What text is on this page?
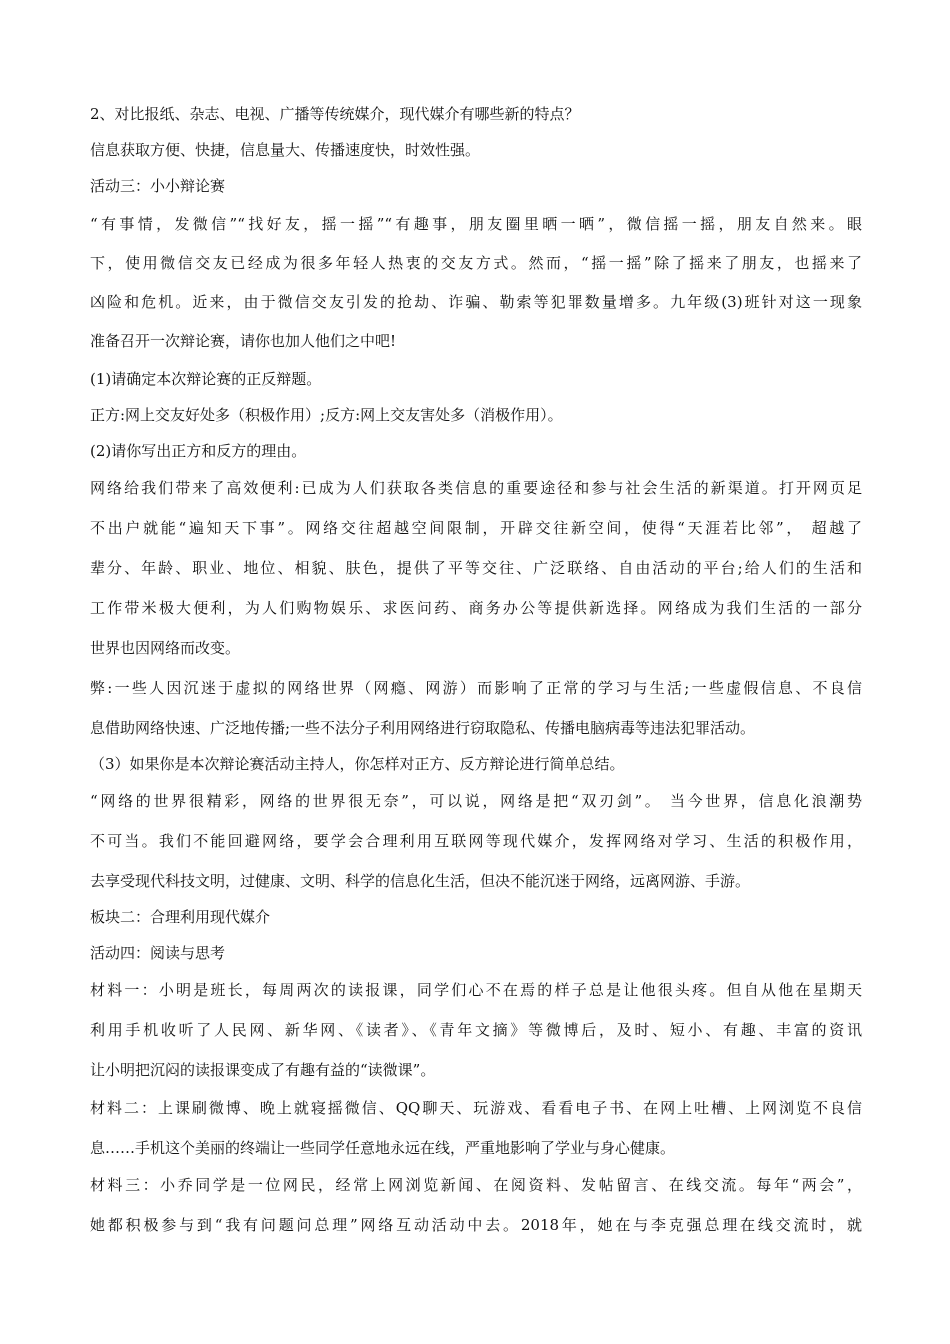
2、对比报纸、杂志、电视、广播等传统媒介，现代媒介有哪些新的特点？
信息获取方便、快捷，信息量大、传播速度快，时效性强。
活动三：小小辩论赛
“有事情，发微信”“找好友，摇一摇”“有趣事，朋友圈里晒一晒”，微信摇一摇，朋友自然来。眼
下，使用微信交友已经成为很多年轻人热衷的交友方式。然而，“摇一摇”除了摇来了朋友，也摇来了
凶险和危机。近来，由于微信交友引发的抢劫、诈骗、勒索等犯罪数量增多。九年级(3)班针对这一现象
准备召开一次辩论赛，请你也加人他们之中吧!
(1)请确定本次辩论赛的正反辩题。
正方:网上交友好处多（积极作用）;反方:网上交友害处多（消极作用）。
(2)请你写出正方和反方的理由。
网络给我们带来了高效便利:已成为人们获取各类信息的重要途径和参与社会生活的新渠道。打开网页足
不出户就能“遍知天下事”。网络交往超越空间限制，开辟交往新空间，使得“天涯若比邻”， 超越了
辈分、年龄、职业、地位、相貌、肤色，提供了平等交往、广泛联络、自由活动的平台;给人们的生活和
工作带米极大便利，为人们购物娱乐、求医问药、商务办公等提供新选择。网络成为我们生活的一部分
世界也因网络而改变。
弊:一些人因沉迷于虚拟的网络世界（网瘾、网游）而影响了正常的学习与生活;一些虚假信息、不良信
息借助网络快速、广泛地传播;一些不法分子利用网络进行窃取隐私、传播电脑病毒等违法犯罪活动。
（3）如果你是本次辩论赛活动主持人，你怎样对正方、反方辩论进行简单总结。
“网络的世界很精彩，网络的世界很无奈”，可以说，网络是把“双刃剑”。 当今世界，信息化浪潮势
不可当。我们不能回避网络，要学会合理利用互联网等现代媒介，发挥网络对学习、生活的积极作用，
去享受现代科技文明，过健康、文明、科学的信息化生活，但决不能沉迷于网络，远离网游、手游。
板块二：合理利用现代媒介
活动四：阅读与思考
材料一：小明是班长，每周两次的读报课，同学们心不在焉的样子总是让他很头疼。但自从他在星期天
利用手机收听了人民网、新华网、《读者》、《青年文摘》等微博后，及时、短小、有趣、丰富的资讯
让小明把沉闷的读报课变成了有趣有益的“读微课”。
材料二：上课刷微博、晚上就寝摇微信、QQ聊天、玩游戏、看看电子书、在网上吐槽、上网浏览不良信
息……手机这个美丽的终端让一些同学任意地永远在线，严重地影响了学业与身心健康。
材料三：小乔同学是一位网民，经常上网浏览新闻、在阅资料、发帖留言、在线交流。每年“两会”，
她都积极参与到“我有问题问总理”网络互动活动中去。2018年，她在与李克强总理在线交流时，就
